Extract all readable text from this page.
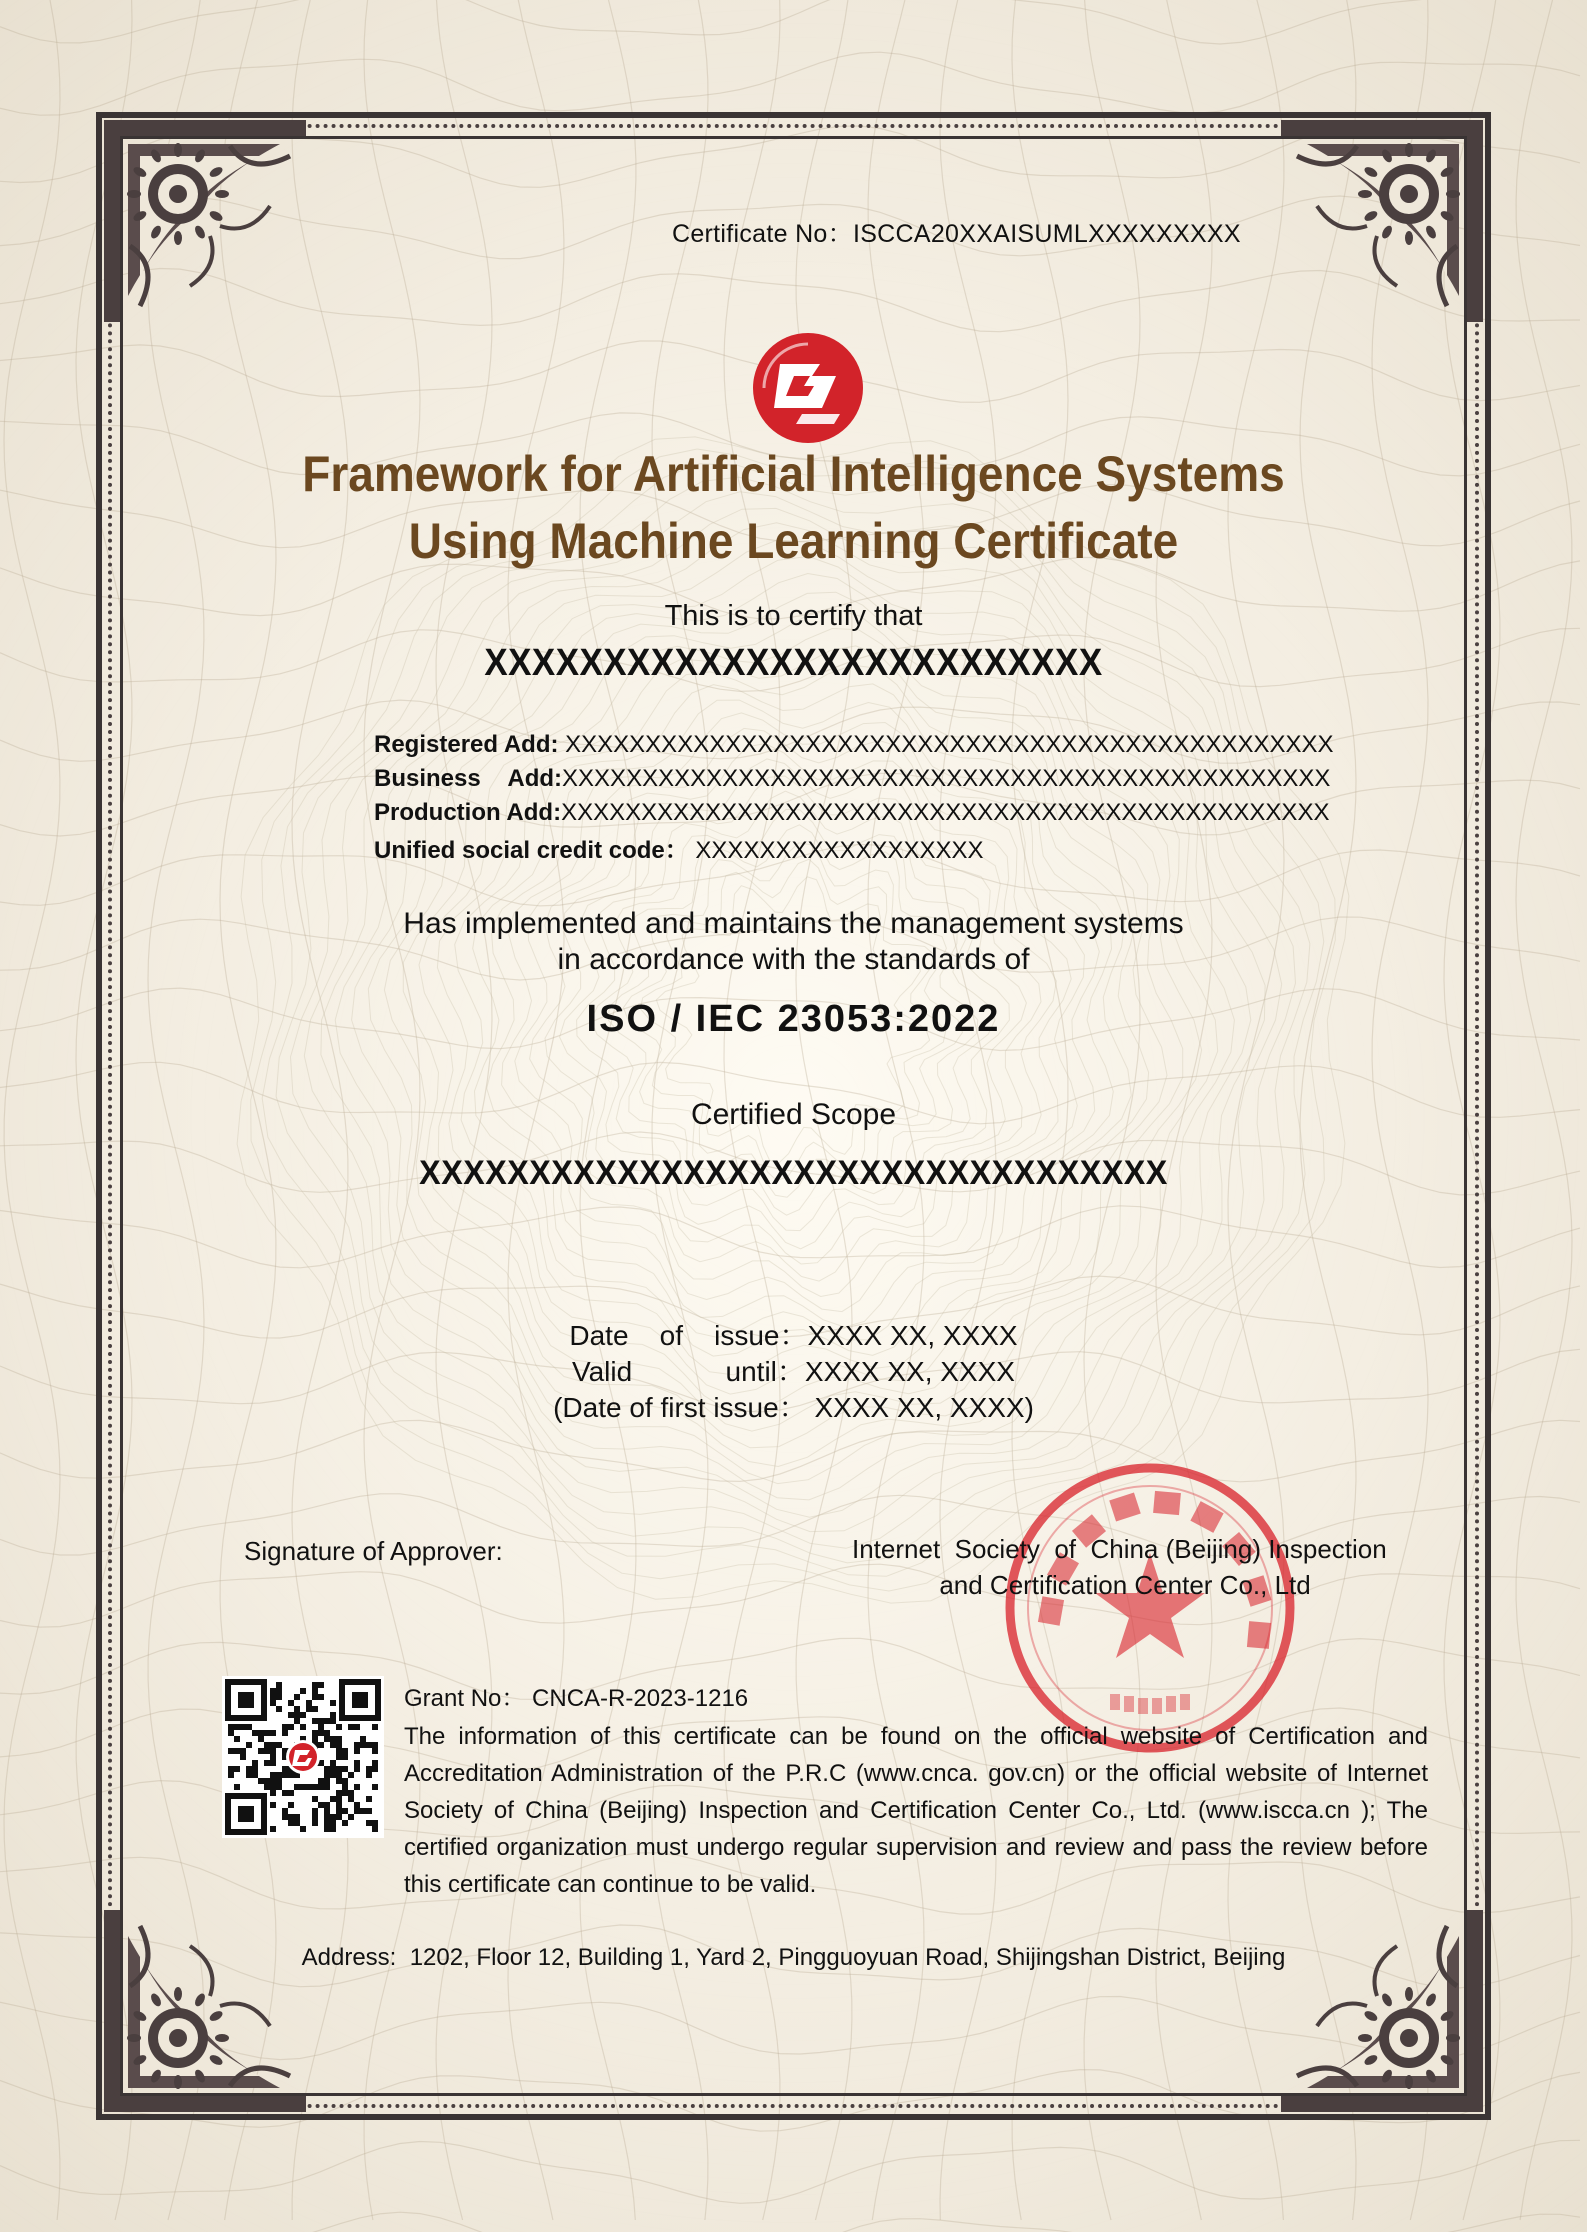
Certificate No：ISCCA20XXAISUMLXXXXXXXXX
Framework for Artificial Intelligence Systems
Using Machine Learning Certificate
This is to certify that
XXXXXXXXXXXXXXXXXXXXXXXXXX
Registered Add: XXXXXXXXXXXXXXXXXXXXXXXXXXXXXXXXXXXXXXXXXXXXXXXX
Business    Add:XXXXXXXXXXXXXXXXXXXXXXXXXXXXXXXXXXXXXXXXXXXXXXXX
Production Add:XXXXXXXXXXXXXXXXXXXXXXXXXXXXXXXXXXXXXXXXXXXXXXXX
Unified social credit code： XXXXXXXXXXXXXXXXXX
Has implemented and maintains the management systems
in accordance with the standards of
ISO / IEC 23053:2022
Certified Scope
XXXXXXXXXXXXXXXXXXXXXXXXXXXXXXXXXX
Date    of    issue：XXXX XX, XXXX
Valid            until：XXXX XX, XXXX
(Date of first issue： XXXX XX, XXXX)
Signature of Approver:	Internet  Society  of  China (Beijing) Inspection
and Certification Center Co., Ltd
Grant No： CNCA-R-2023-1216
The information of this certificate can be found on the official website of Certification and Accreditation Administration of the P.R.C (www.cnca. gov.cn) or the official website of Internet Society of China (Beijing) Inspection and Certification Center Co., Ltd. (www.iscca.cn ); The certified organization must undergo regular supervision and review and pass the review before this certificate can continue to be valid.
Address:  1202, Floor 12, Building 1, Yard 2, Pingguoyuan Road, Shijingshan District, Beijing
